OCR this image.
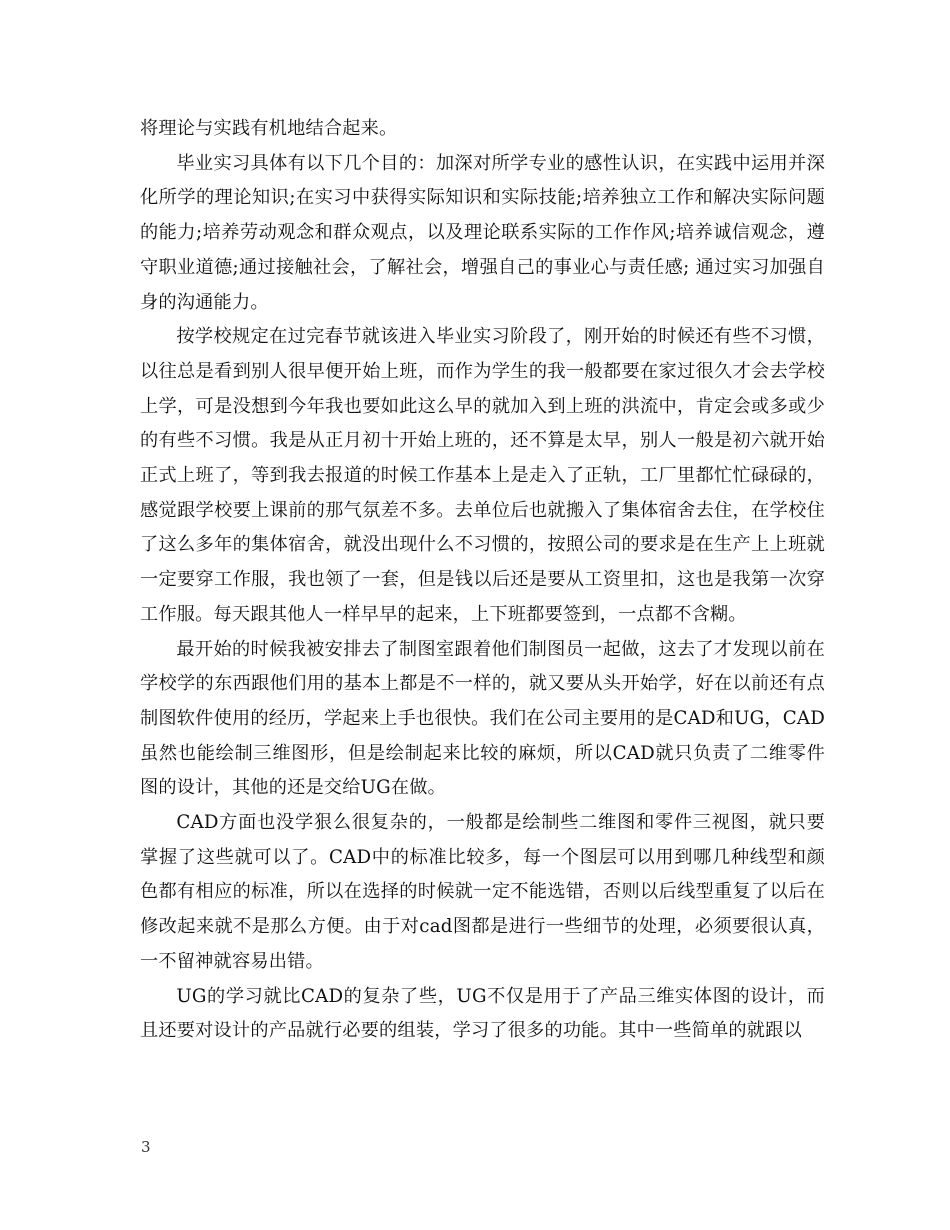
将理论与实践有机地结合起来。

毕业实习具体有以下几个目的：加深对所学专业的感性认识，在实践中运用并深化所学的理论知识;在实习中获得实际知识和实际技能;培养独立工作和解决实际问题的能力;培养劳动观念和群众观点，以及理论联系实际的工作作风;培养诚信观念，遵守职业道德;通过接触社会，了解社会，增强自己的事业心与责任感; 通过实习加强自身的沟通能力。

按学校规定在过完春节就该进入毕业实习阶段了，刚开始的时候还有些不习惯，以往总是看到别人很早便开始上班，而作为学生的我一般都要在家过很久才会去学校上学，可是没想到今年我也要如此这么早的就加入到上班的洪流中，肯定会或多或少的有些不习惯。我是从正月初十开始上班的，还不算是太早，别人一般是初六就开始正式上班了，等到我去报道的时候工作基本上是走入了正轨，工厂里都忙忙碌碌的，感觉跟学校要上课前的那气氛差不多。去单位后也就搬入了集体宿舍去住，在学校住了这么多年的集体宿舍，就没出现什么不习惯的，按照公司的要求是在生产上上班就一定要穿工作服，我也领了一套，但是钱以后还是要从工资里扣，这也是我第一次穿工作服。每天跟其他人一样早早的起来，上下班都要签到，一点都不含糊。

最开始的时候我被安排去了制图室跟着他们制图员一起做，这去了才发现以前在学校学的东西跟他们用的基本上都是不一样的，就又要从头开始学，好在以前还有点制图软件使用的经历，学起来上手也很快。我们在公司主要用的是CAD和UG，CAD虽然也能绘制三维图形，但是绘制起来比较的麻烦，所以CAD就只负责了二维零件图的设计，其他的还是交给UG在做。

CAD方面也没学狠么很复杂的，一般都是绘制些二维图和零件三视图，就只要掌握了这些就可以了。CAD中的标准比较多，每一个图层可以用到哪几种线型和颜色都有相应的标准，所以在选择的时候就一定不能选错，否则以后线型重复了以后在修改起来就不是那么方便。由于对cad图都是进行一些细节的处理，必须要很认真，一不留神就容易出错。

UG的学习就比CAD的复杂了些，UG不仅是用于了产品三维实体图的设计，而且还要对设计的产品就行必要的组装，学习了很多的功能。其中一些简单的就跟以

3
